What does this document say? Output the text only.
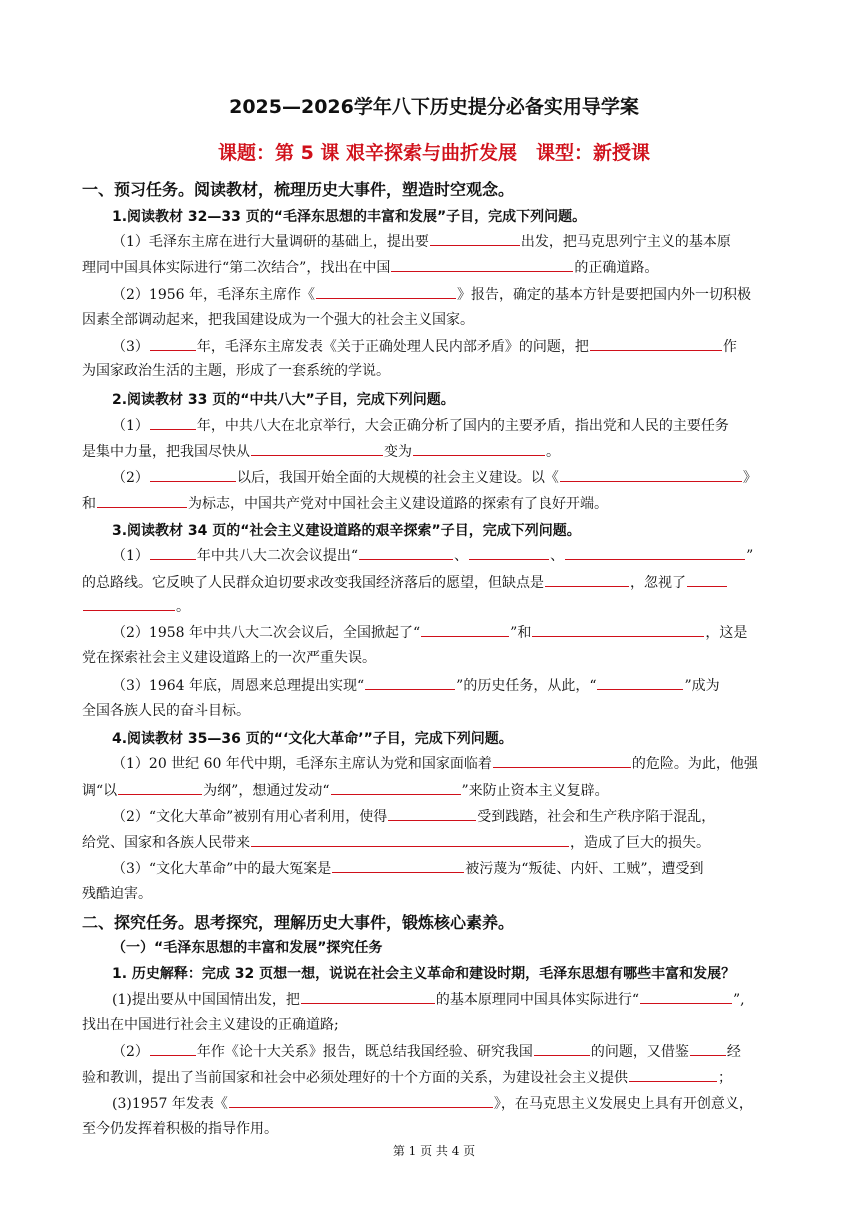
2025—2026学年八下历史提分必备实用导学案
课题：第 5 课 艰辛探索与曲折发展　课型：新授课
一、预习任务。阅读教材，梳理历史大事件，塑造时空观念。
1.阅读教材 32—33 页的“毛泽东思想的丰富和发展”子目，完成下列问题。
（1）毛泽东主席在进行大量调研的基础上，提出要	出发，把马克思列宁主义的基本原
理同中国具体实际进行“第二次结合”，找出在中国	的正确道路。
（2）1956 年，毛泽东主席作《	》报告，确定的基本方针是要把国内外一切积极
因素全部调动起来，把我国建设成为一个强大的社会主义国家。
（3）	年，毛泽东主席发表《关于正确处理人民内部矛盾》的问题，把	作
为国家政治生活的主题，形成了一套系统的学说。
2.阅读教材 33 页的“中共八大”子目，完成下列问题。
（1）	年，中共八大在北京举行，大会正确分析了国内的主要矛盾，指出党和人民的主要任务
是集中力量，把我国尽快从	变为	。
（2）	以后，我国开始全面的大规模的社会主义建设。以《	》
和	为标志，中国共产党对中国社会主义建设道路的探索有了良好开端。
3.阅读教材 34 页的“社会主义建设道路的艰辛探索”子目，完成下列问题。
（1）	年中共八大二次会议提出“	、	、	”
的总路线。它反映了人民群众迫切要求改变我国经济落后的愿望，但缺点是	，忽视了
。
（2）1958 年中共八大二次会议后，全国掀起了“	”和	，这是
党在探索社会主义建设道路上的一次严重失误。
（3）1964 年底，周恩来总理提出实现“	”的历史任务，从此，“	”成为
全国各族人民的奋斗目标。
4.阅读教材 35—36 页的“‘文化大革命’”子目，完成下列问题。
（1）20 世纪 60 年代中期，毛泽东主席认为党和国家面临着	的危险。为此，他强
调“以	为纲”，想通过发动“	”来防止资本主义复辟。
（2）“文化大革命”被别有用心者利用，使得	受到践踏，社会和生产秩序陷于混乱，
给党、国家和各族人民带来	，造成了巨大的损失。
（3）“文化大革命”中的最大冤案是	被污蔑为“叛徒、内奸、工贼”，遭受到
残酷迫害。
二、探究任务。思考探究，理解历史大事件，锻炼核心素养。
（一）“毛泽东思想的丰富和发展”探究任务
1. 历史解释：完成 32 页想一想，说说在社会主义革命和建设时期，毛泽东思想有哪些丰富和发展？
(1)提出要从中国国情出发，把	的基本原理同中国具体实际进行“	”,
找出在中国进行社会主义建设的正确道路;
（2）	年作《论十大关系》报告，既总结我国经验、研究我国	的问题，又借鉴	经
验和教训，提出了当前国家和社会中必须处理好的十个方面的关系，为建设社会主义提供	；
(3)1957 年发表《	》，在马克思主义发展史上具有开创意义，
至今仍发挥着积极的指导作用。
第 1 页 共 4 页
